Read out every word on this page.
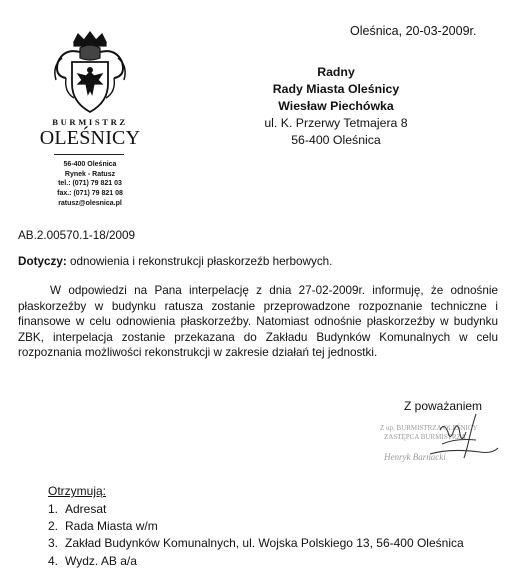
BURMISTRZ
OLEŚNICY
56-400 Oleśnica
Rynek - Ratusz
tel.: (071) 79 821 03
fax.: (071) 79 821 08
ratusz@olesnica.pl
Oleśnica, 20-03-2009r.
Radny
Rady Miasta Oleśnicy
Wiesław Piechówka
ul. K. Przerwy Tetmajera 8
56-400 Oleśnica
AB.2.00570.1-18/2009
Dotyczy: odnowienia i rekonstrukcji płaskorzeźb herbowych.

W odpowiedzi na Pana interpelację z dnia 27-02-2009r. informuję, że odnośnie płaskorzeźby w budynku ratusza zostanie przeprowadzone rozpoznanie techniczne i finansowe w celu odnowienia płaskorzeźby. Natomiast odnośnie płaskorzeźby w budynku ZBK, interpelacja zostanie przekazana do Zakładu Budynków Komunalnych w celu rozpoznania możliwości rekonstrukcji w zakresie działań tej jednostki.

Z poważaniem
Z up. BURMISTRZA OLEŚNICY
ZASTĘPCA BURMISTRZA
Henryk Barnacki
Otrzymują:
1. Adresat
2. Rada Miasta w/m
3. Zakład Budynków Komunalnych, ul. Wojska Polskiego 13, 56-400 Oleśnica
4. Wydz. AB a/a
